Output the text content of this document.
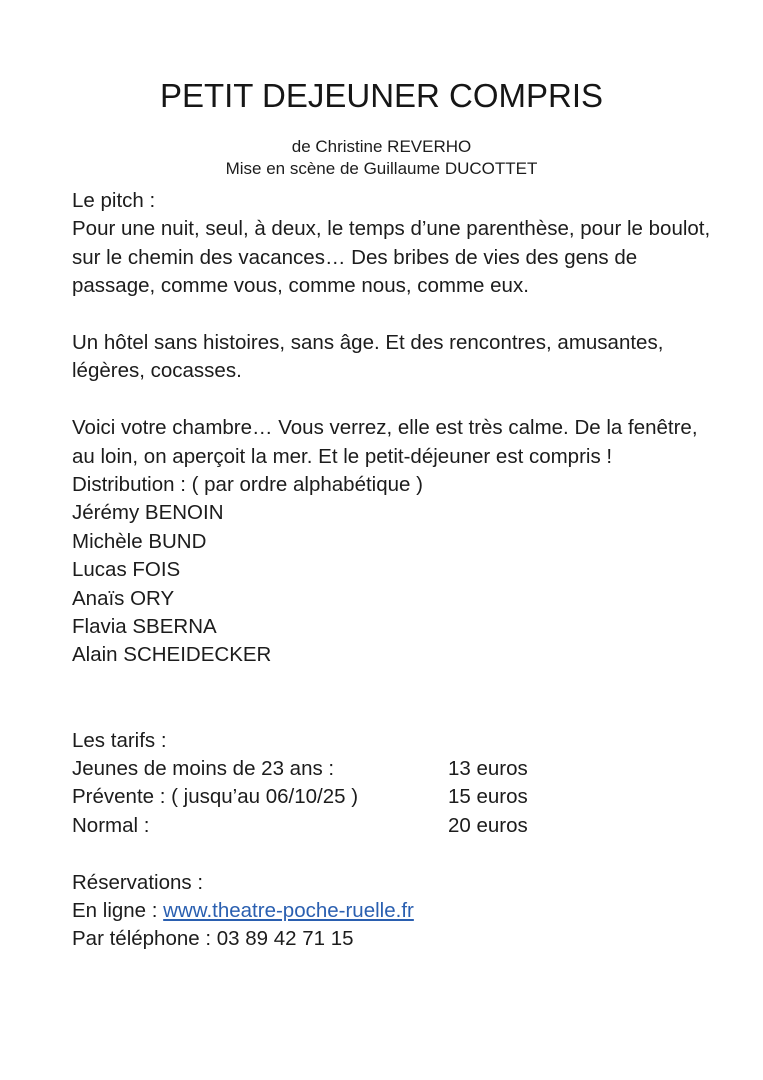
PETIT DEJEUNER COMPRIS
de Christine REVERHO
Mise en scène de Guillaume DUCOTTET

Le pitch :

Pour une nuit, seul, à deux, le temps d’une parenthèse, pour le boulot, sur le chemin des vacances… Des bribes de vies des gens de passage, comme vous, comme nous, comme eux.

Un hôtel sans histoires, sans âge. Et des rencontres, amusantes, légères, cocasses.

Voici votre chambre… Vous verrez, elle est très calme. De la fenêtre, au loin, on aperçoit la mer. Et le petit-déjeuner est compris !

Distribution : ( par ordre alphabétique )

Jérémy BENOIN

Michèle BUND

Lucas FOIS

Anaïs ORY

Flavia SBERNA

Alain SCHEIDECKER

Les tarifs :

Jeunes de moins de 23 ans :	13 euros
Prévente : ( jusqu’au 06/10/25 )	15 euros
Normal :	20 euros

Réservations :

En ligne : www.theatre-poche-ruelle.fr

Par téléphone : 03 89 42 71 15
